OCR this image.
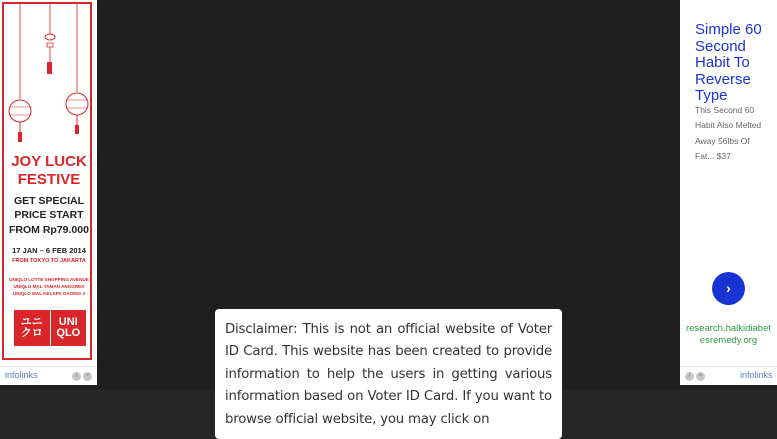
JOY LUCK
FESTIVE
GET SPECIAL
PRICE START
FROM Rp79.000
17 JAN – 6 FEB 2014
FROM TOKYO TO JAKARTA
UNIQLO LOTTE SHOPPING AVENUE
UNIQLO MAL TAMAN ANGGREK
UNIQLO MAL KELAPA GADING 3
ユニ
クロ
UNI
QLO
infolinks	i	×
Simple 60 Second Habit To Reverse Type
This Second 60 Habit Also Melted Away 56lbs Of Fat... $37
›
research.halkidiabetesremedy.org
i	×	infolinks

Disclaimer: This is not an official website of Voter ID Card. This website has been created to provide information to help the users in getting various information based on Voter ID Card. If you want to browse official website, you may click on
